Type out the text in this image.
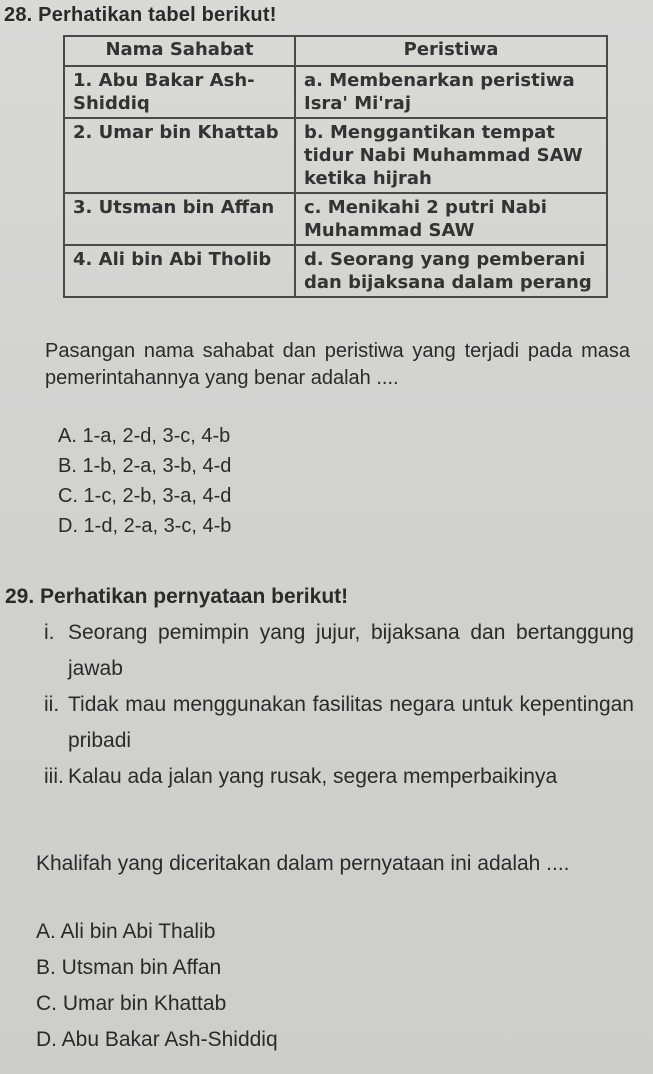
28. Perhatikan tabel berikut!
Nama Sahabat	Peristiwa
1. Abu Bakar Ash-Shiddiq	a. Membenarkan peristiwa Isra' Mi'raj
2. Umar bin Khattab	b. Menggantikan tempat tidur Nabi Muhammad SAW ketika hijrah
3. Utsman bin Affan	c. Menikahi 2 putri Nabi Muhammad SAW
4. Ali bin Abi Tholib	d. Seorang yang pemberani dan bijaksana dalam perang
Pasangan nama sahabat dan peristiwa yang terjadi pada masa pemerintahannya yang benar adalah ....
A. 1-a, 2-d, 3-c, 4-b
B. 1-b, 2-a, 3-b, 4-d
C. 1-c, 2-b, 3-a, 4-d
D. 1-d, 2-a, 3-c, 4-b
29. Perhatikan pernyataan berikut!
i. Seorang pemimpin yang jujur, bijaksana dan bertanggung jawab
ii. Tidak mau menggunakan fasilitas negara untuk kepentingan pribadi
iii. Kalau ada jalan yang rusak, segera memperbaikinya
Khalifah yang diceritakan dalam pernyataan ini adalah ....
A. Ali bin Abi Thalib
B. Utsman bin Affan
C. Umar bin Khattab
D. Abu Bakar Ash-Shiddiq
